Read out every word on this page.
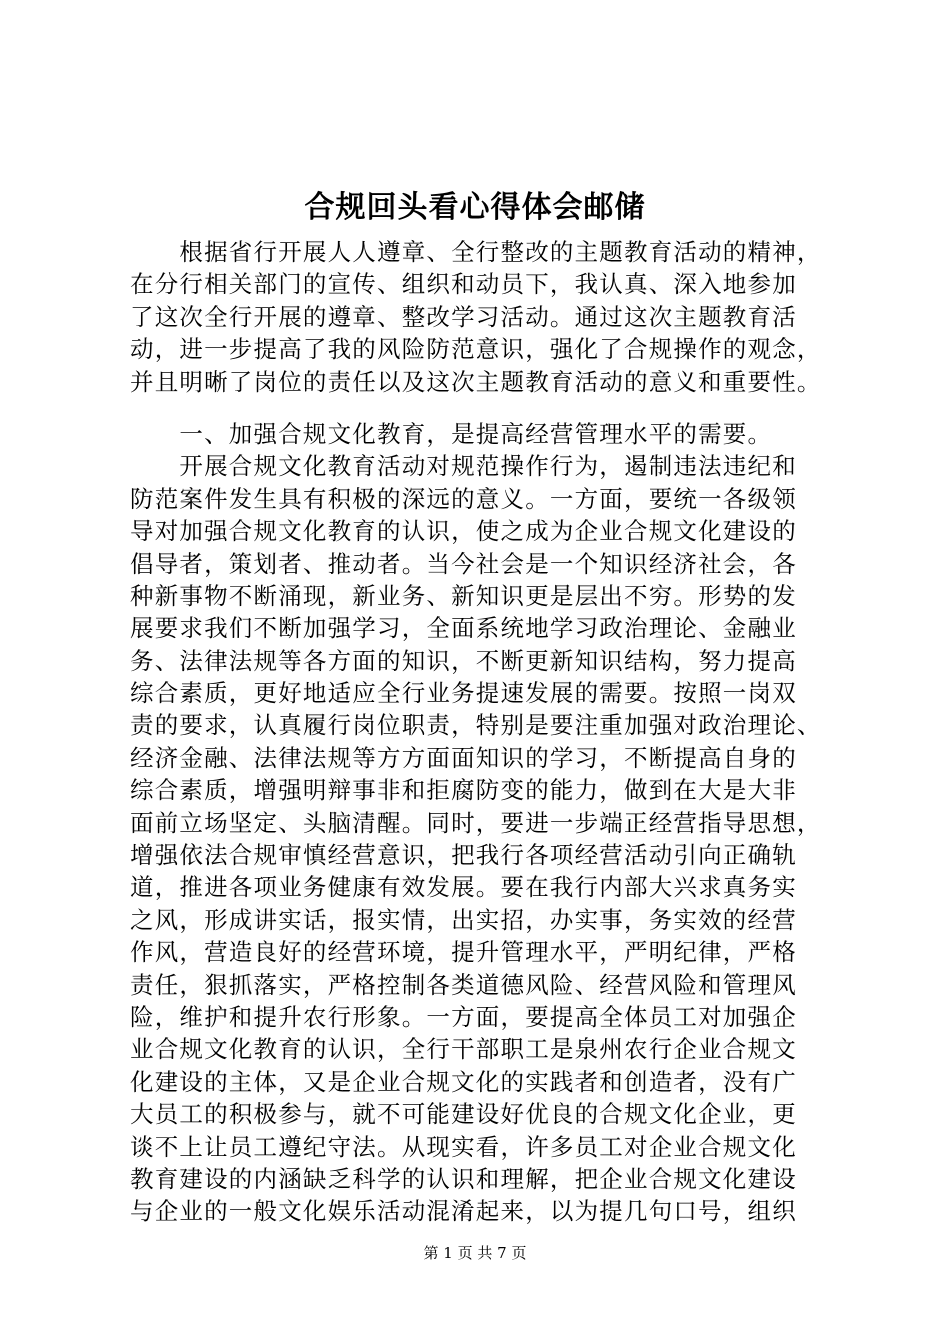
合规回头看心得体会邮储
　　根据省行开展人人遵章、全行整改的主题教育活动的精神，
在分行相关部门的宣传、组织和动员下，我认真、深入地参加
了这次全行开展的遵章、整改学习活动。通过这次主题教育活
动，进一步提高了我的风险防范意识，强化了合规操作的观念，
并且明晰了岗位的责任以及这次主题教育活动的意义和重要性。
　　一、加强合规文化教育，是提高经营管理水平的需要。
　　开展合规文化教育活动对规范操作行为，遏制违法违纪和
防范案件发生具有积极的深远的意义。一方面，要统一各级领
导对加强合规文化教育的认识，使之成为企业合规文化建设的
倡导者，策划者、推动者。当今社会是一个知识经济社会，各
种新事物不断涌现，新业务、新知识更是层出不穷。形势的发
展要求我们不断加强学习，全面系统地学习政治理论、金融业
务、法律法规等各方面的知识，不断更新知识结构，努力提高
综合素质，更好地适应全行业务提速发展的需要。按照一岗双
责的要求，认真履行岗位职责，特别是要注重加强对政治理论、
经济金融、法律法规等方方面面知识的学习，不断提高自身的
综合素质，增强明辩事非和拒腐防变的能力，做到在大是大非
面前立场坚定、头脑清醒。同时，要进一步端正经营指导思想，
增强依法合规审慎经营意识，把我行各项经营活动引向正确轨
道，推进各项业务健康有效发展。要在我行内部大兴求真务实
之风，形成讲实话，报实情，出实招，办实事，务实效的经营
作风，营造良好的经营环境，提升管理水平，严明纪律，严格
责任，狠抓落实，严格控制各类道德风险、经营风险和管理风
险，维护和提升农行形象。一方面，要提高全体员工对加强企
业合规文化教育的认识，全行干部职工是泉州农行企业合规文
化建设的主体，又是企业合规文化的实践者和创造者，没有广
大员工的积极参与，就不可能建设好优良的合规文化企业，更
谈不上让员工遵纪守法。从现实看，许多员工对企业合规文化
教育建设的内涵缺乏科学的认识和理解，把企业合规文化建设
与企业的一般文化娱乐活动混淆起来，以为提几句口号，组织
第 1 页 共 7 页
